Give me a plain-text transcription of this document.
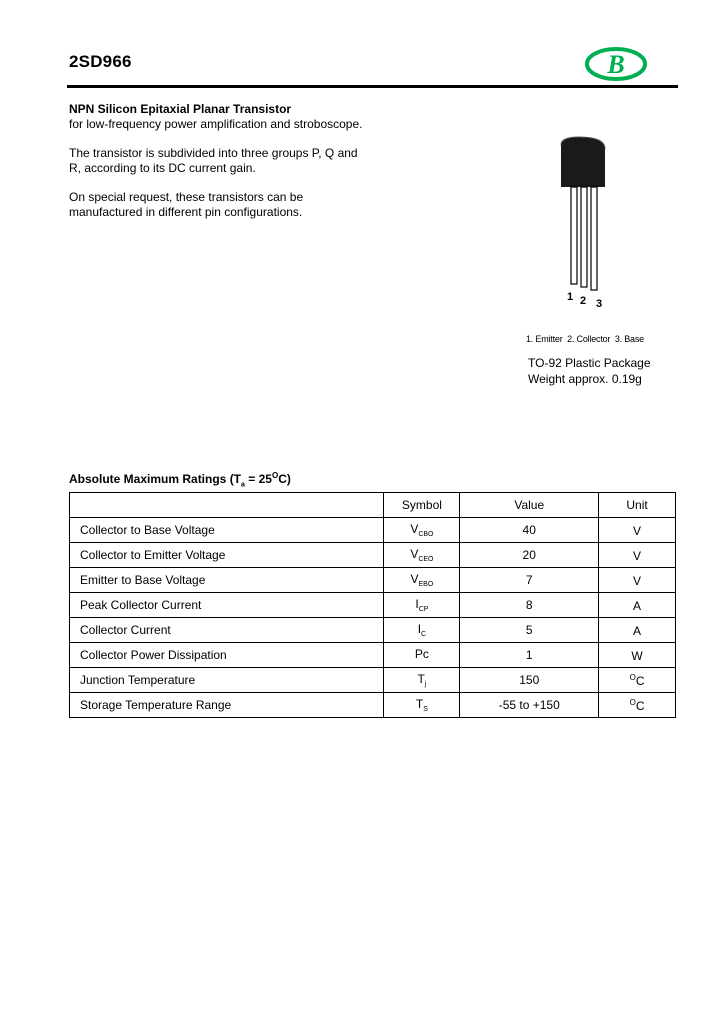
2SD966	B

NPN Silicon Epitaxial Planar Transistor
for low-frequency power amplification and stroboscope.

The transistor is subdivided into three groups P, Q and R, according to its DC current gain.

On special request, these transistors can be manufactured in different pin configurations.

1 2 3
1. Emitter  2. Collector  3. Base
TO-92 Plastic Package
Weight approx. 0.19g
Absolute Maximum Ratings $(T_a = 25^OC)$
	Symbol	Value	Unit
Collector to Base Voltage	$V_{CBO}$	40	V
Collector to Emitter Voltage	$V_{CEO}$	20	V
Emitter to Base Voltage	$V_{EBO}$	7	V
Peak Collector Current	$I_{CP}$	8	A
Collector Current	$I_C$	5	A
Collector Power Dissipation	Pc	1	W
Junction Temperature	$T_j$	150	$^O$C
Storage Temperature Range	$T_S$	-55 to +150	$^O$C
